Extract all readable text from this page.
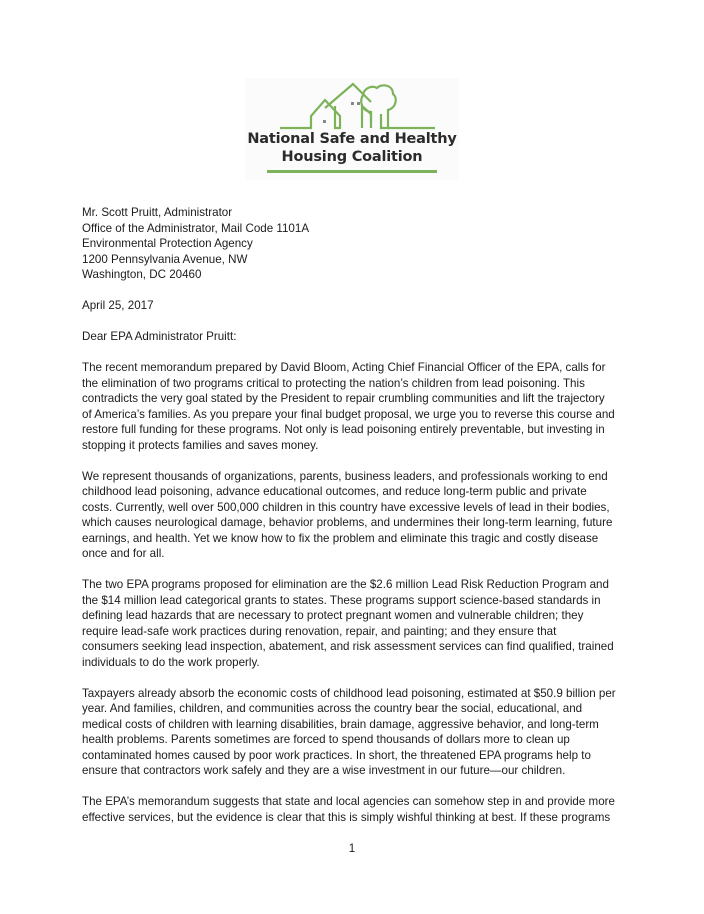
National Safe and Healthy
Housing Coalition
Mr. Scott Pruitt, Administrator
Office of the Administrator, Mail Code 1101A
Environmental Protection Agency
1200 Pennsylvania Avenue, NW
Washington, DC 20460
April 25, 2017
Dear EPA Administrator Pruitt:

The recent memorandum prepared by David Bloom, Acting Chief Financial Officer of the EPA, calls for
the elimination of two programs critical to protecting the nation’s children from lead poisoning. This
contradicts the very goal stated by the President to repair crumbling communities and lift the trajectory
of America’s families. As you prepare your final budget proposal, we urge you to reverse this course and
restore full funding for these programs. Not only is lead poisoning entirely preventable, but investing in
stopping it protects families and saves money.

We represent thousands of organizations, parents, business leaders, and professionals working to end
childhood lead poisoning, advance educational outcomes, and reduce long-term public and private
costs. Currently, well over 500,000 children in this country have excessive levels of lead in their bodies,
which causes neurological damage, behavior problems, and undermines their long-term learning, future
earnings, and health. Yet we know how to fix the problem and eliminate this tragic and costly disease
once and for all.

The two EPA programs proposed for elimination are the $2.6 million Lead Risk Reduction Program and
the $14 million lead categorical grants to states. These programs support science-based standards in
defining lead hazards that are necessary to protect pregnant women and vulnerable children; they
require lead-safe work practices during renovation, repair, and painting; and they ensure that
consumers seeking lead inspection, abatement, and risk assessment services can find qualified, trained
individuals to do the work properly.

Taxpayers already absorb the economic costs of childhood lead poisoning, estimated at $50.9 billion per
year. And families, children, and communities across the country bear the social, educational, and
medical costs of children with learning disabilities, brain damage, aggressive behavior, and long-term
health problems. Parents sometimes are forced to spend thousands of dollars more to clean up
contaminated homes caused by poor work practices. In short, the threatened EPA programs help to
ensure that contractors work safely and they are a wise investment in our future—our children.

The EPA’s memorandum suggests that state and local agencies can somehow step in and provide more
effective services, but the evidence is clear that this is simply wishful thinking at best. If these programs

1
